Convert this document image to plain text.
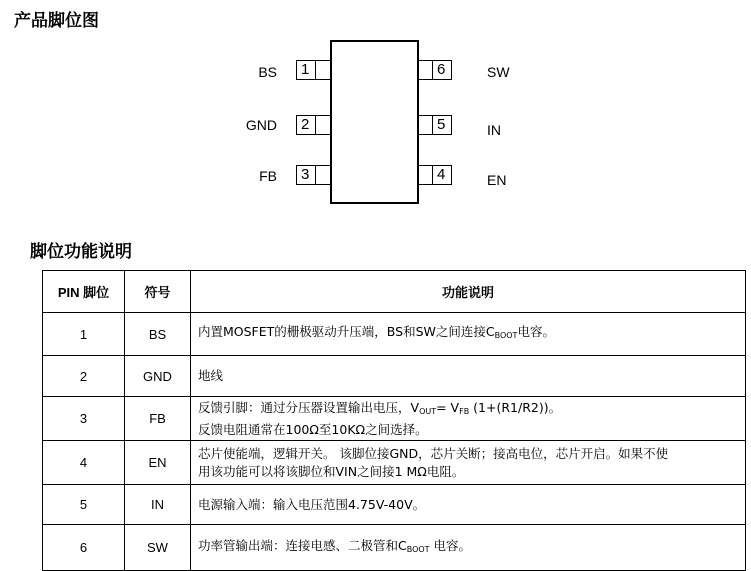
产品脚位图
1
BS
2
GND
3
FB
6	SW
5	IN
4	EN
脚位功能说明
PIN 脚位	符号	功能说明
1	BS	内置MOSFET的栅极驱动升压端，BS和SW之间连接$C_{BOOT}$电容。
2	GND	地线
3	FB	反馈引脚：通过分压器设置输出电压，$V_{OUT}= V_{FB}$ (1+(R1/R2))。
反馈电阻通常在100Ω至10KΩ之间选择。
4	EN	芯片使能端，逻辑开关。 该脚位接GND，芯片关断；接高电位，芯片开启。如果不使
用该功能可以将该脚位和VIN之间接1 MΩ电阻。
5	IN	电源输入端：输入电压范围4.75V-40V。
6	SW	功率管输出端：连接电感、二极管和$C_{BOOT}$ 电容。
